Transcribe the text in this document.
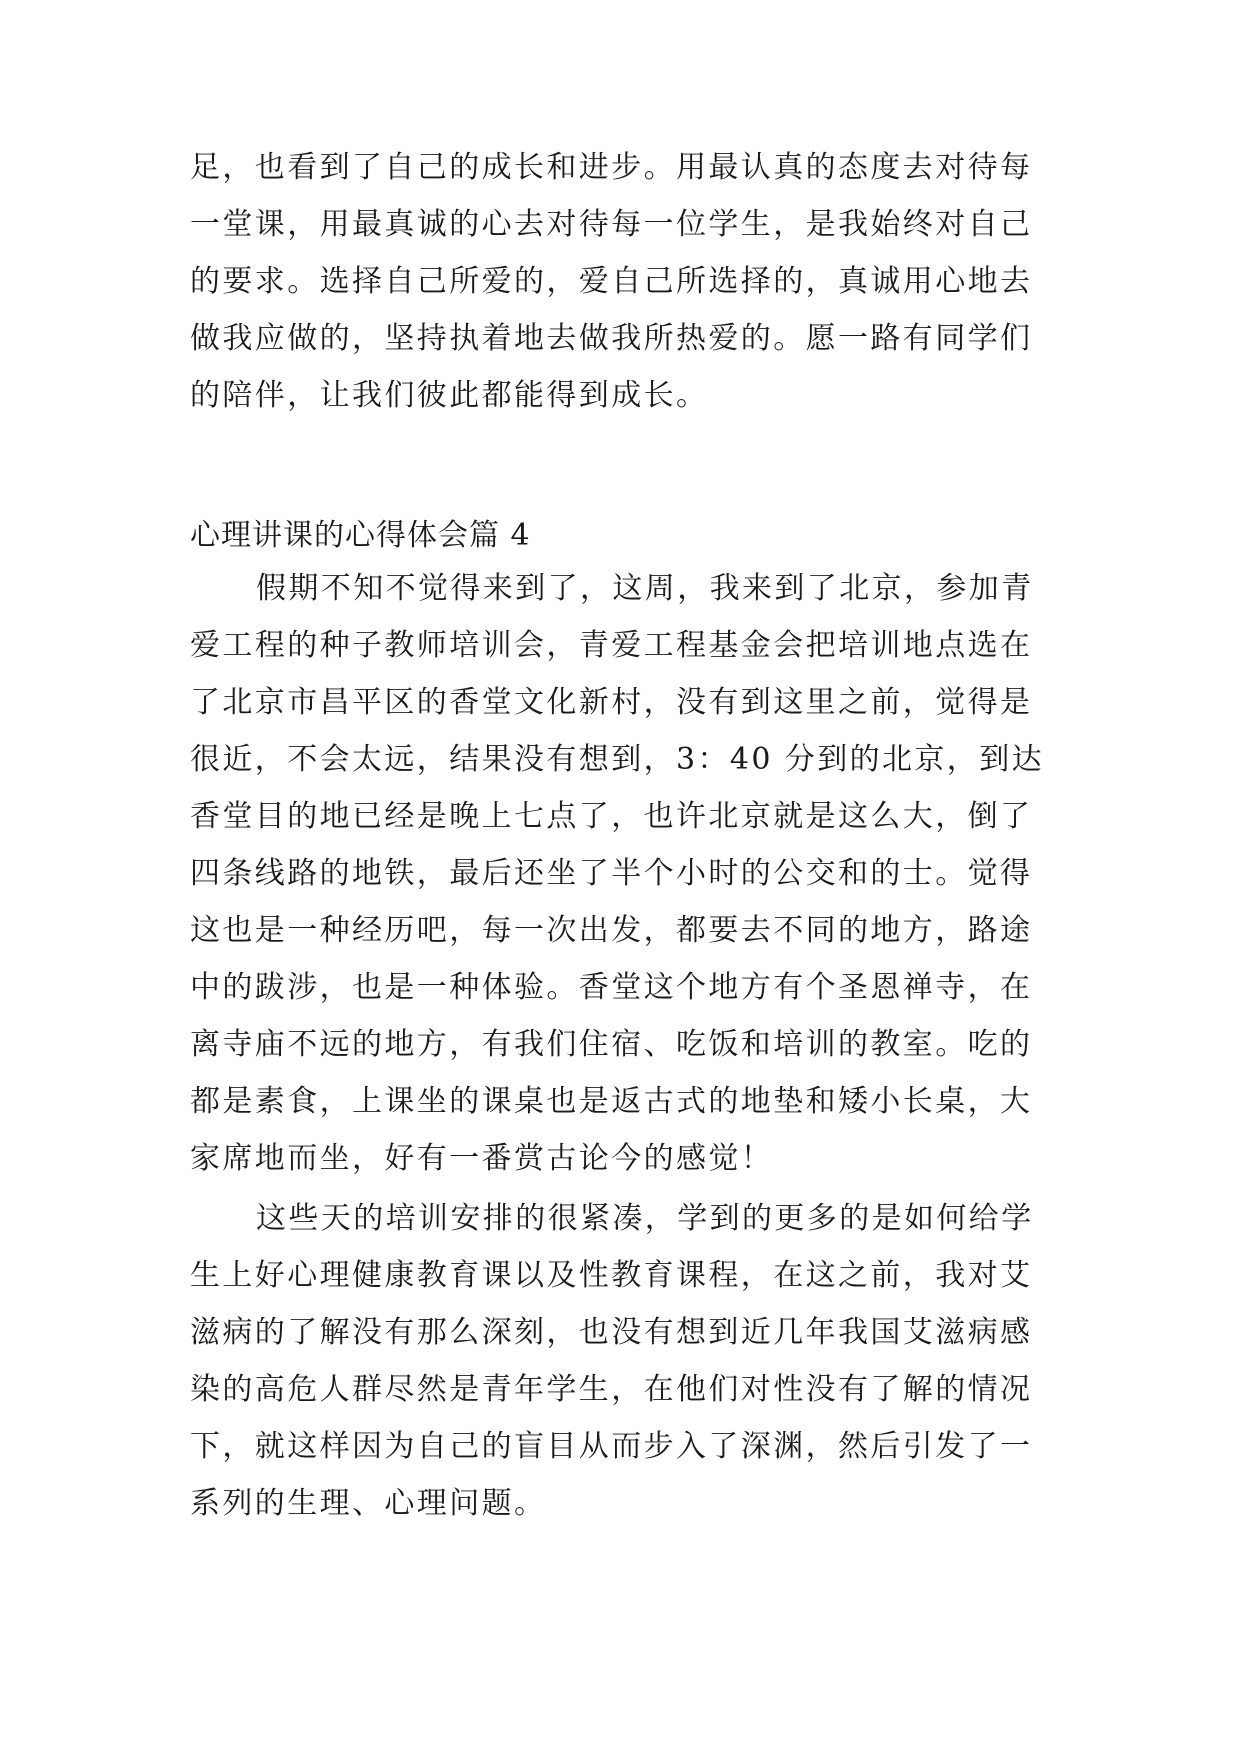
足，也看到了自己的成长和进步。用最认真的态度去对待每
一堂课，用最真诚的心去对待每一位学生，是我始终对自己
的要求。选择自己所爱的，爱自己所选择的，真诚用心地去
做我应做的，坚持执着地去做我所热爱的。愿一路有同学们
的陪伴，让我们彼此都能得到成长。
心理讲课的心得体会篇 4
假期不知不觉得来到了，这周，我来到了北京，参加青
爱工程的种子教师培训会，青爱工程基金会把培训地点选在
了北京市昌平区的香堂文化新村，没有到这里之前，觉得是
很近，不会太远，结果没有想到，3：40 分到的北京，到达
香堂目的地已经是晚上七点了，也许北京就是这么大，倒了
四条线路的地铁，最后还坐了半个小时的公交和的士。觉得
这也是一种经历吧，每一次出发，都要去不同的地方，路途
中的跋涉，也是一种体验。香堂这个地方有个圣恩禅寺，在
离寺庙不远的地方，有我们住宿、吃饭和培训的教室。吃的
都是素食，上课坐的课桌也是返古式的地垫和矮小长桌，大
家席地而坐，好有一番赏古论今的感觉！
这些天的培训安排的很紧凑，学到的更多的是如何给学
生上好心理健康教育课以及性教育课程，在这之前，我对艾
滋病的了解没有那么深刻，也没有想到近几年我国艾滋病感
染的高危人群尽然是青年学生，在他们对性没有了解的情况
下，就这样因为自己的盲目从而步入了深渊，然后引发了一
系列的生理、心理问题。
